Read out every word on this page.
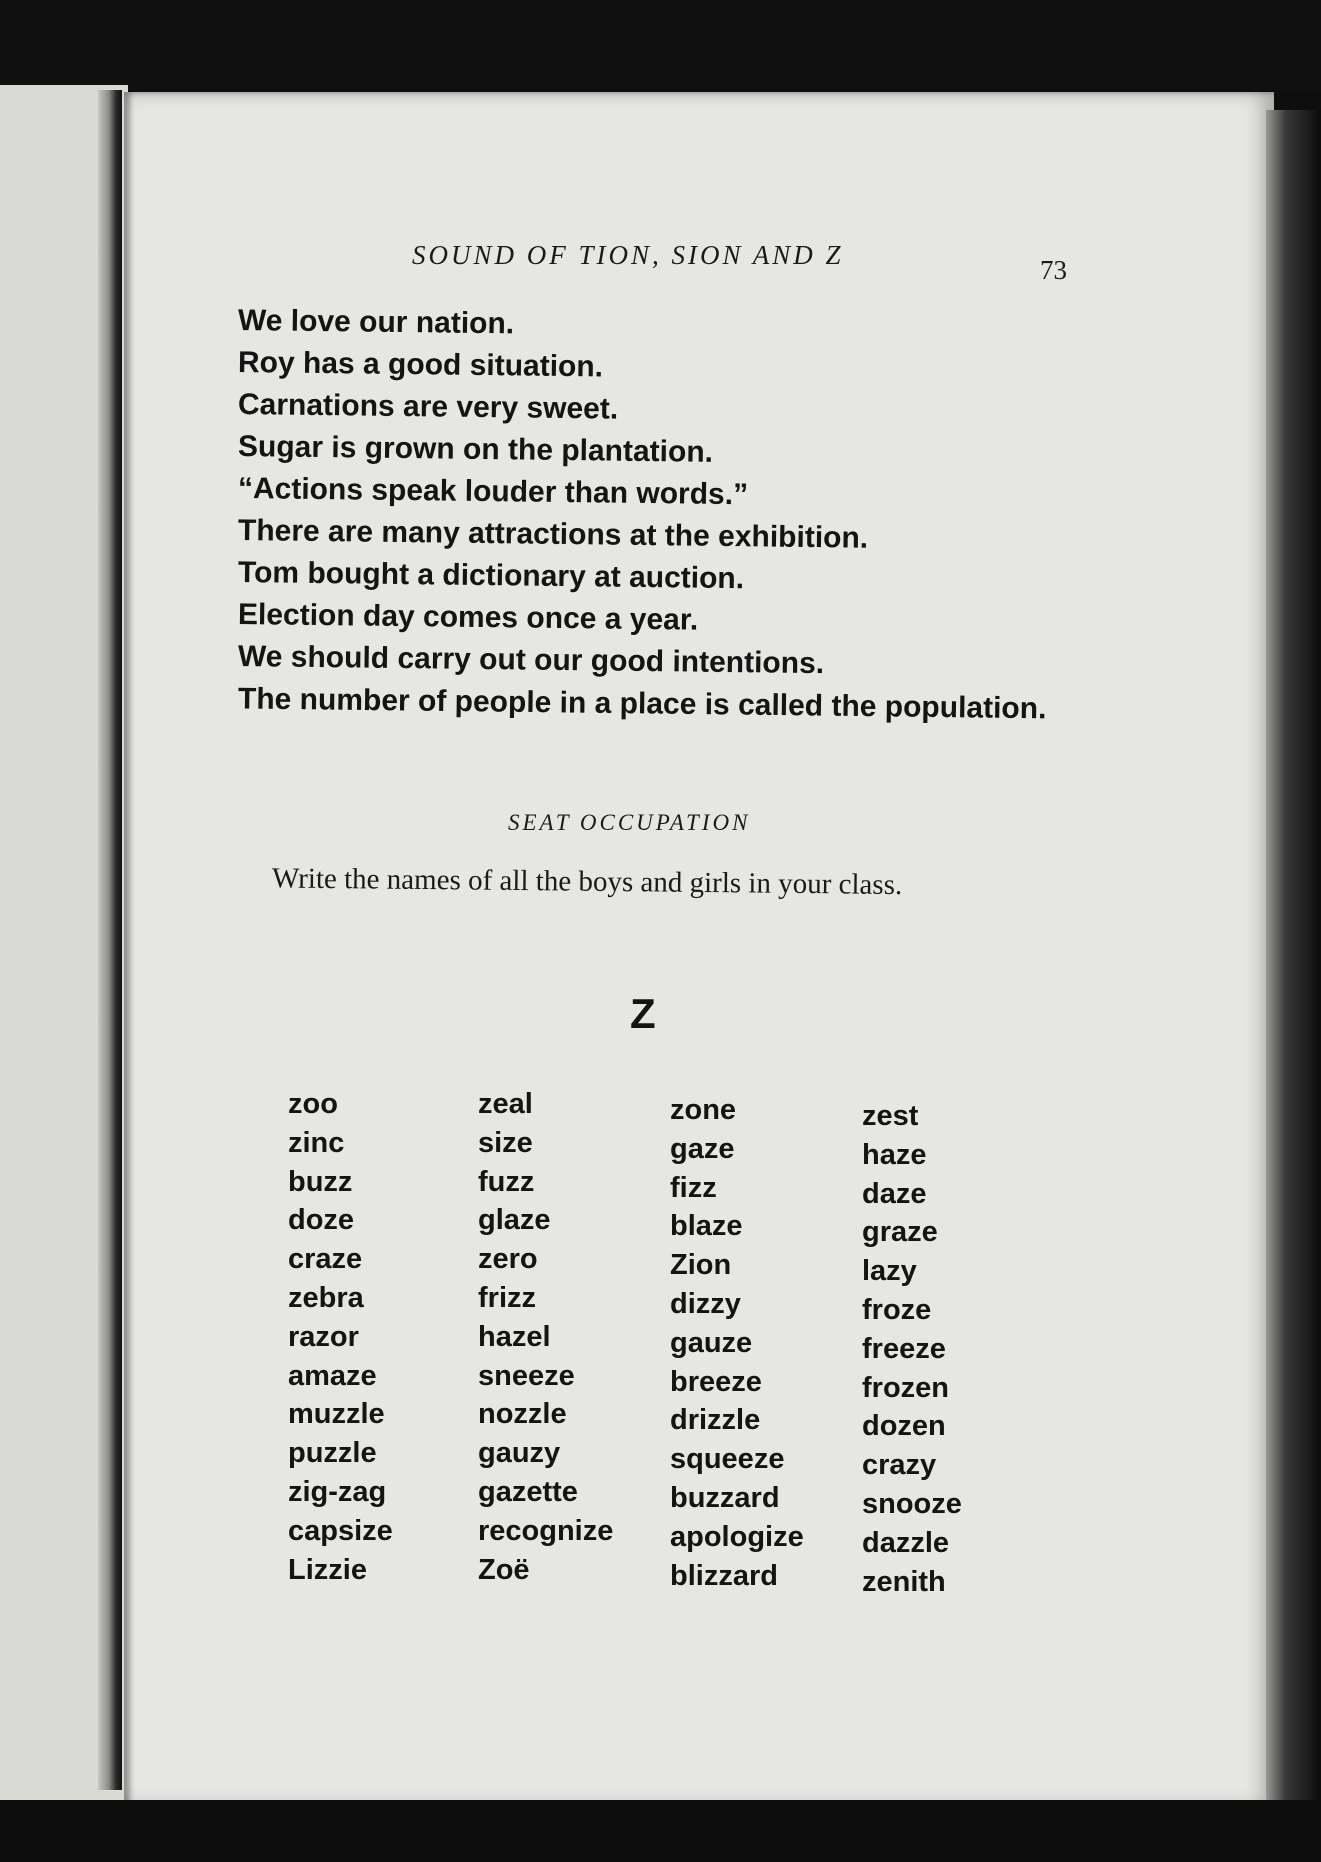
SOUND OF TION, SION AND Z	73
We love our nation.
Roy has a good situation.
Carnations are very sweet.
Sugar is grown on the plantation.
“Actions speak louder than words.”
There are many attractions at the exhibition.
Tom bought a dictionary at auction.
Election day comes once a year.
We should carry out our good intentions.
The number of people in a place is called the population.
SEAT OCCUPATION
Write the names of all the boys and girls in your class.
Z
zoo
zinc
buzz
doze
craze
zebra
razor
amaze
muzzle
puzzle
zig-zag
capsize
Lizzie
zeal
size
fuzz
glaze
zero
frizz
hazel
sneeze
nozzle
gauzy
gazette
recognize
Zoë
zone
gaze
fizz
blaze
Zion
dizzy
gauze
breeze
drizzle
squeeze
buzzard
apologize
blizzard
zest
haze
daze
graze
lazy
froze
freeze
frozen
dozen
crazy
snooze
dazzle
zenith
